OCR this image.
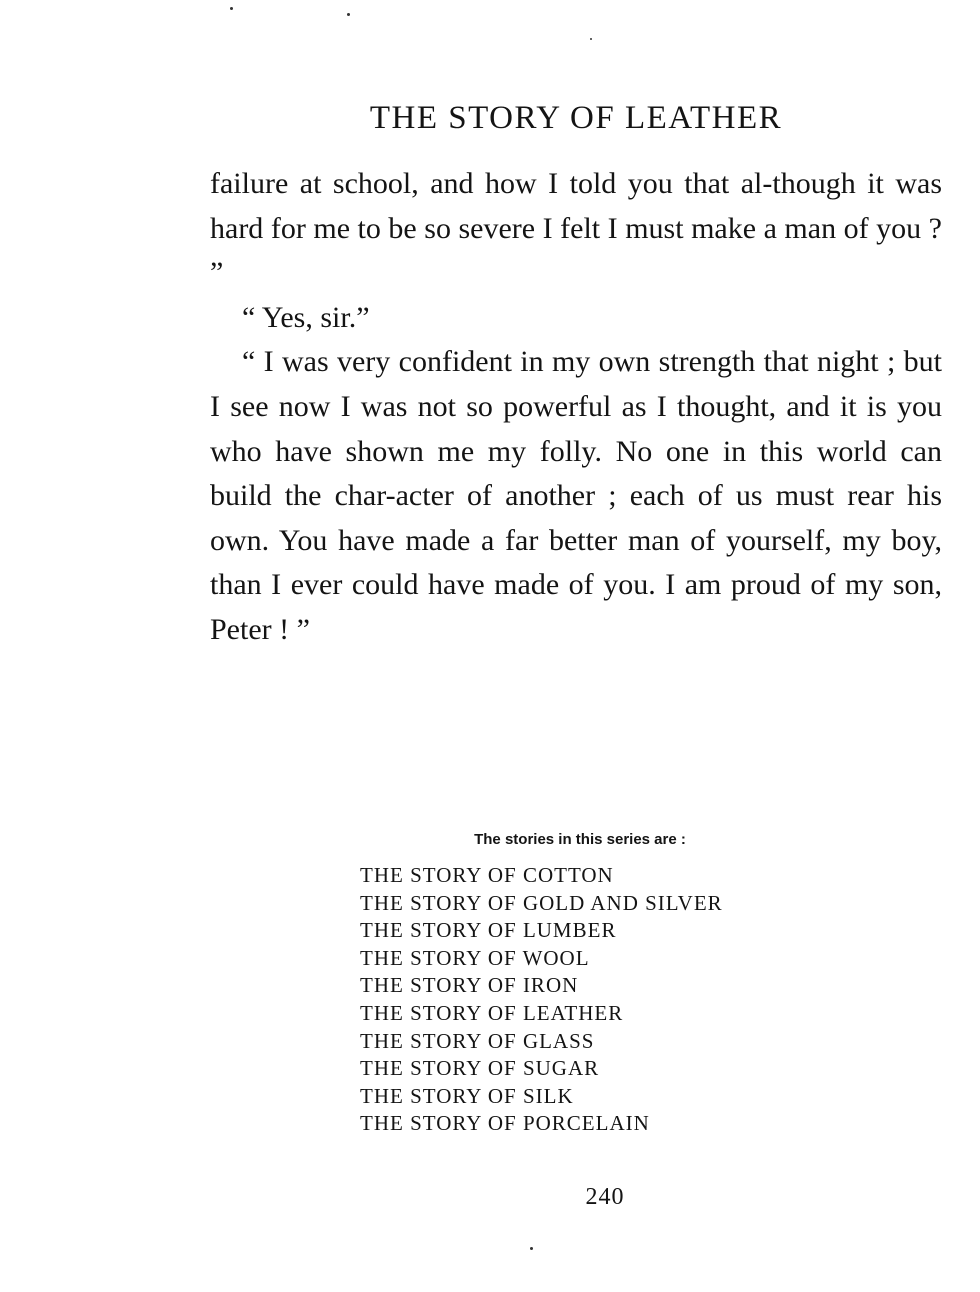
THE STORY OF LEATHER

failure at school, and how I told you that al-though it was hard for me to be so severe I felt I must make a man of you ? ”

“ Yes, sir.”

“ I was very confident in my own strength that night ; but I see now I was not so powerful as I thought, and it is you who have shown me my folly. No one in this world can build the char-acter of another ; each of us must rear his own. You have made a far better man of yourself, my boy, than I ever could have made of you. I am proud of my son, Peter ! ”

The stories in this series are :
THE STORY OF COTTON
THE STORY OF GOLD AND SILVER
THE STORY OF LUMBER
THE STORY OF WOOL
THE STORY OF IRON
THE STORY OF LEATHER
THE STORY OF GLASS
THE STORY OF SUGAR
THE STORY OF SILK
THE STORY OF PORCELAIN
240
